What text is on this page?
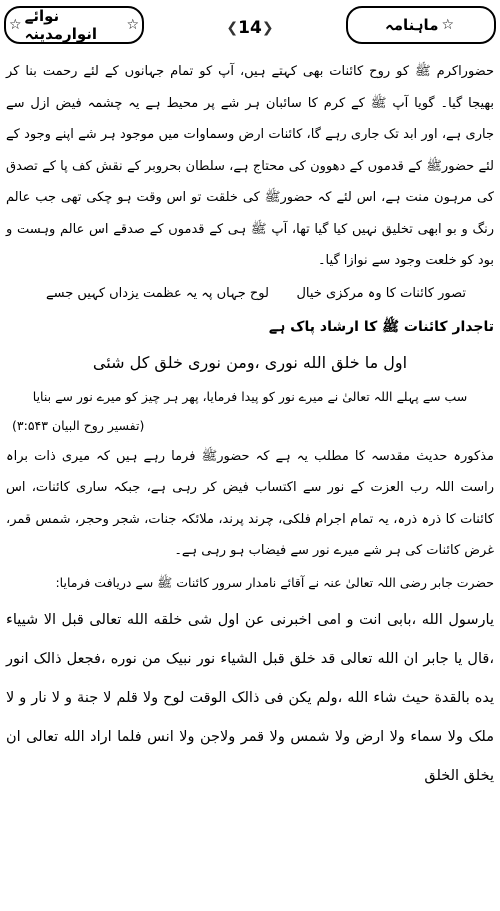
☆ نوائے انوارمدینہ	☆	❮ 14 ❯	ماہنامہ ☆

حضوراکرم ﷺ کو روح کائنات بھی کہتے ہیں، آپ کو تمام جہانوں کے لئے رحمت بنا کر بھیجا گیا۔ گویا آپ ﷺ کے کرم کا سائبان ہر شے پر محیط ہے یہ چشمہ فیض ازل سے جاری ہے، اور ابد تک جاری رہے گا، کائنات ارض وسماوات میں موجود ہر شے اپنے وجود کے لئے حضورﷺ کے قدموں کے دھوون کی محتاج ہے، سلطان بحروبر کے نقش کف پا کے تصدق کی مرہون منت ہے، اس لئے کہ حضورﷺ کی خلقت تو اس وقت ہو چکی تھی جب عالم رنگ و بو ابھی تخلیق نہیں کیا گیا تھا، آپ ﷺ ہی کے قدموں کے صدقے اس عالم وہست و بود کو خلعت وجود سے نوازا گیا۔

تصور کائنات کا وہ مرکزی خیال
لوح جہاں پہ یہ عظمت یزداں کہیں جسے
تاجدار کائنات ﷺ کا ارشاد پاک ہے
اول ما خلق الله نوری ،ومن نوری خلق کل شئی
سب سے پہلے اللہ تعالیٰ نے میرے نور کو پیدا فرمایا، پھر ہر چیز کو میرے نور سے بنایا
(تفسیر روح البیان ۳:۵۴۳)

مذکورہ حدیث مقدسہ کا مطلب یہ ہے کہ حضورﷺ فرما رہے ہیں کہ میری ذات براہ راست اللہ رب العزت کے نور سے اکتساب فیض کر رہی ہے، جبکہ ساری کائنات، اس کائنات کا ذرہ ذرہ، یہ تمام اجرام فلکی، چرند پرند، ملائکہ جنات، شجر وحجر، شمس قمر، غرض کائنات کی ہر شے میرے نور سے فیضاب ہو رہی ہے۔

حضرت جابر رضی اللہ تعالیٰ عنہ نے آقائے نامدار سرور کائنات ﷺ سے دریافت فرمایا:

یارسول الله ،بابی انت و امی اخبرنی عن اول شی خلقه الله تعالی قبل الا شییاء ،قال یا جابر ان الله تعالی قد خلق قبل الشیاء نور نبیک من نوره ،فجعل ذالک انور یده بالقدة حیث شاء الله ،ولم یکن فی ذالک الوقت لوح ولا قلم لا جنة و لا نار و لا ملک ولا سماء ولا ارض ولا شمس ولا قمر ولاجن ولا انس فلما اراد الله تعالی ان یخلق الخلق
